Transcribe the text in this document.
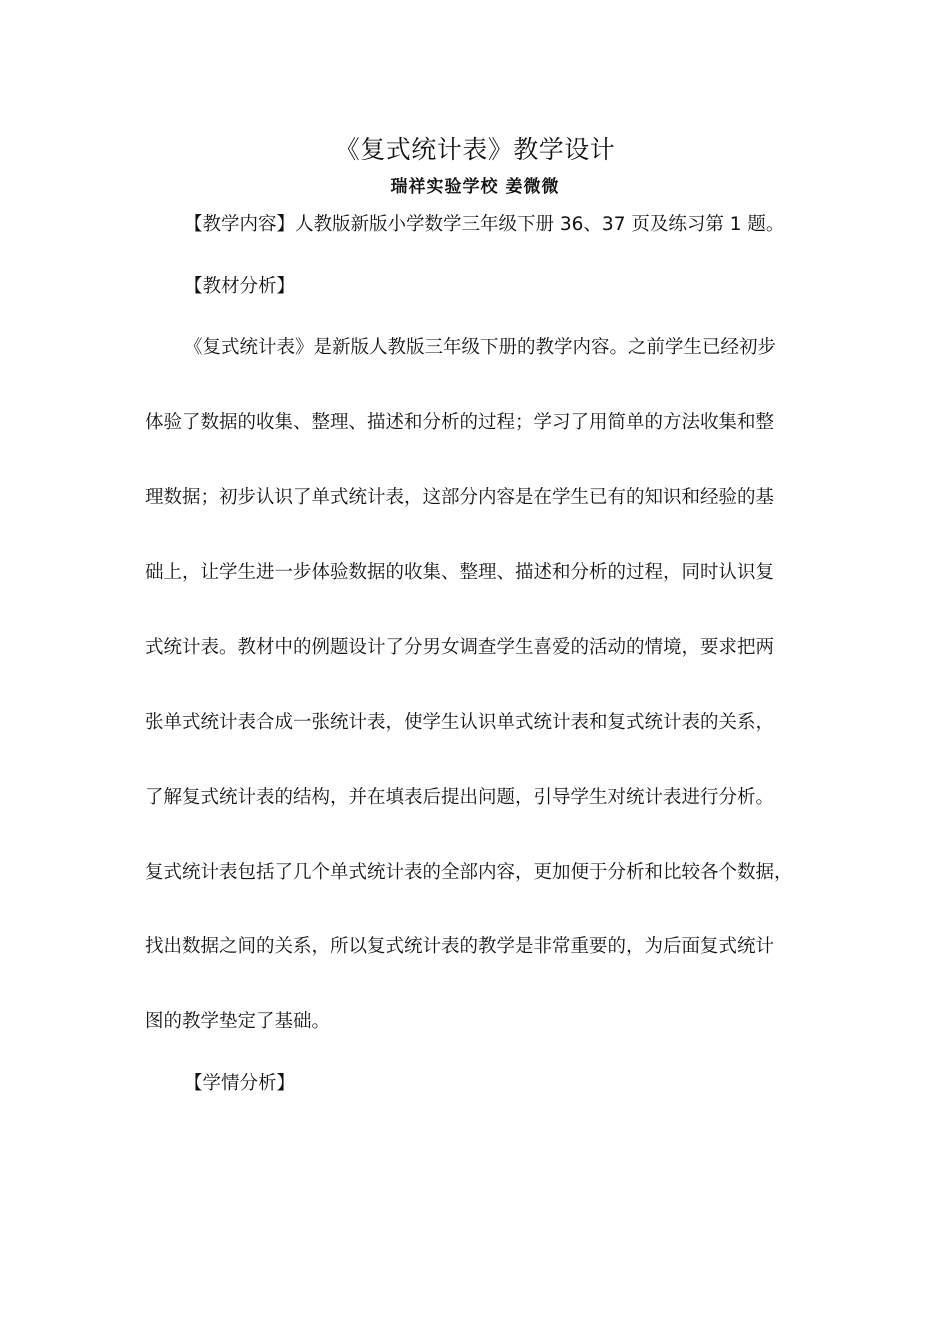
《复式统计表》教学设计
瑞祥实验学校 姜微微
【教学内容】人教版新版小学数学三年级下册 36、37 页及练习第 1 题。
【教材分析】
《复式统计表》是新版人教版三年级下册的教学内容。之前学生已经初步
体验了数据的收集、整理、描述和分析的过程；学习了用简单的方法收集和整
理数据；初步认识了单式统计表，这部分内容是在学生已有的知识和经验的基
础上，让学生进一步体验数据的收集、整理、描述和分析的过程，同时认识复
式统计表。教材中的例题设计了分男女调查学生喜爱的活动的情境，要求把两
张单式统计表合成一张统计表，使学生认识单式统计表和复式统计表的关系，
了解复式统计表的结构，并在填表后提出问题，引导学生对统计表进行分析。
复式统计表包括了几个单式统计表的全部内容，更加便于分析和比较各个数据，
找出数据之间的关系，所以复式统计表的教学是非常重要的，为后面复式统计
图的教学垫定了基础。
【学情分析】
